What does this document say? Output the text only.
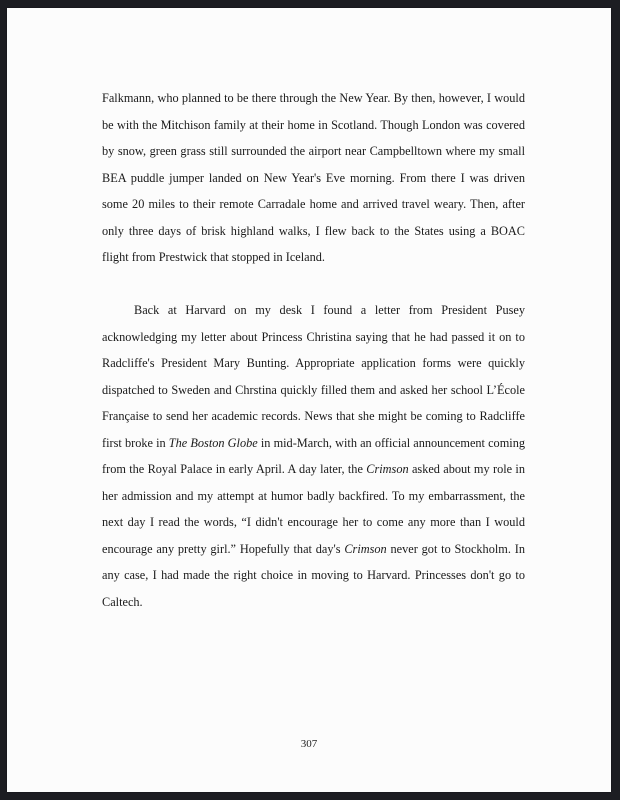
Falkmann, who planned to be there through the New Year. By then, however, I would be with the Mitchison family at their home in Scotland. Though London was covered by snow, green grass still surrounded the airport near Campbelltown where my small BEA puddle jumper landed on New Year's Eve morning. From there I was driven some 20 miles to their remote Carradale home and arrived travel weary. Then, after only three days of brisk highland walks, I flew back to the States using a BOAC flight from Prestwick that stopped in Iceland.

Back at Harvard on my desk I found a letter from President Pusey acknowledging my letter about Princess Christina saying that he had passed it on to Radcliffe's President Mary Bunting. Appropriate application forms were quickly dispatched to Sweden and Chrstina quickly filled them and asked her school L’École Française to send her academic records. News that she might be coming to Radcliffe first broke in The Boston Globe in mid-March, with an official announcement coming from the Royal Palace in early April. A day later, the Crimson asked about my role in her admission and my attempt at humor badly backfired. To my embarrassment, the next day I read the words, “I didn't encourage her to come any more than I would encourage any pretty girl.” Hopefully that day's Crimson never got to Stockholm. In any case, I had made the right choice in moving to Harvard. Princesses don't go to Caltech.

307
